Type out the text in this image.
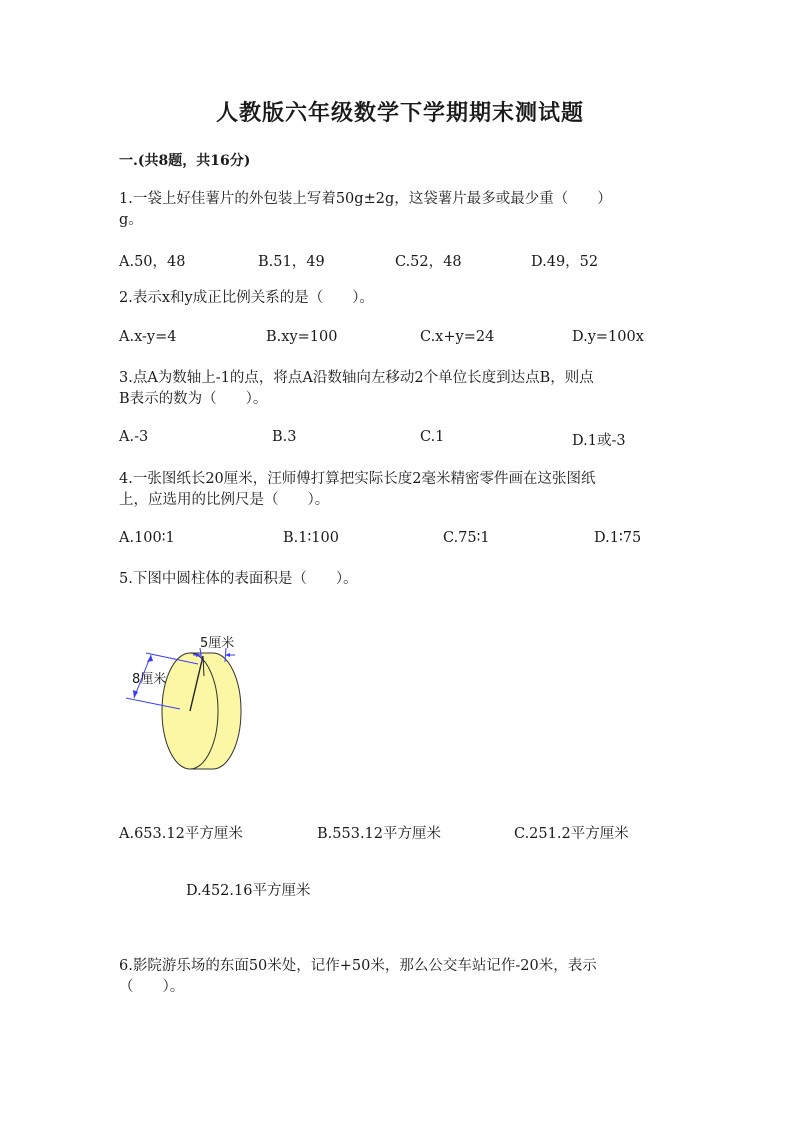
人教版六年级数学下学期期末测试题
一.(共8题，共16分)
1.一袋上好佳薯片的外包装上写着50g±2g，这袋薯片最多或最少重（　　）
g。
A.50，48	B.51，49	C.52，48	D.49，52
2.表示x和y成正比例关系的是（　　）。
A.x-y=4	B.xy=100	C.x+y=24	D.y=100x
3.点A为数轴上-1的点，将点A沿数轴向左移动2个单位长度到达点B，则点
B表示的数为（　　）。
A.-3	B.3	C.1	D.1或-3
4.一张图纸长20厘米，汪师傅打算把实际长度2毫米精密零件画在这张图纸
上，应选用的比例尺是（　　）。
A.100∶1	B.1∶100	C.75∶1	D.1∶75
5.下图中圆柱体的表面积是（　　）。
5厘米
8厘米
A.653.12平方厘米	B.553.12平方厘米	C.251.2平方厘米
D.452.16平方厘米
6.影院游乐场的东面50米处，记作+50米，那么公交车站记作-20米，表示
（　　）。
